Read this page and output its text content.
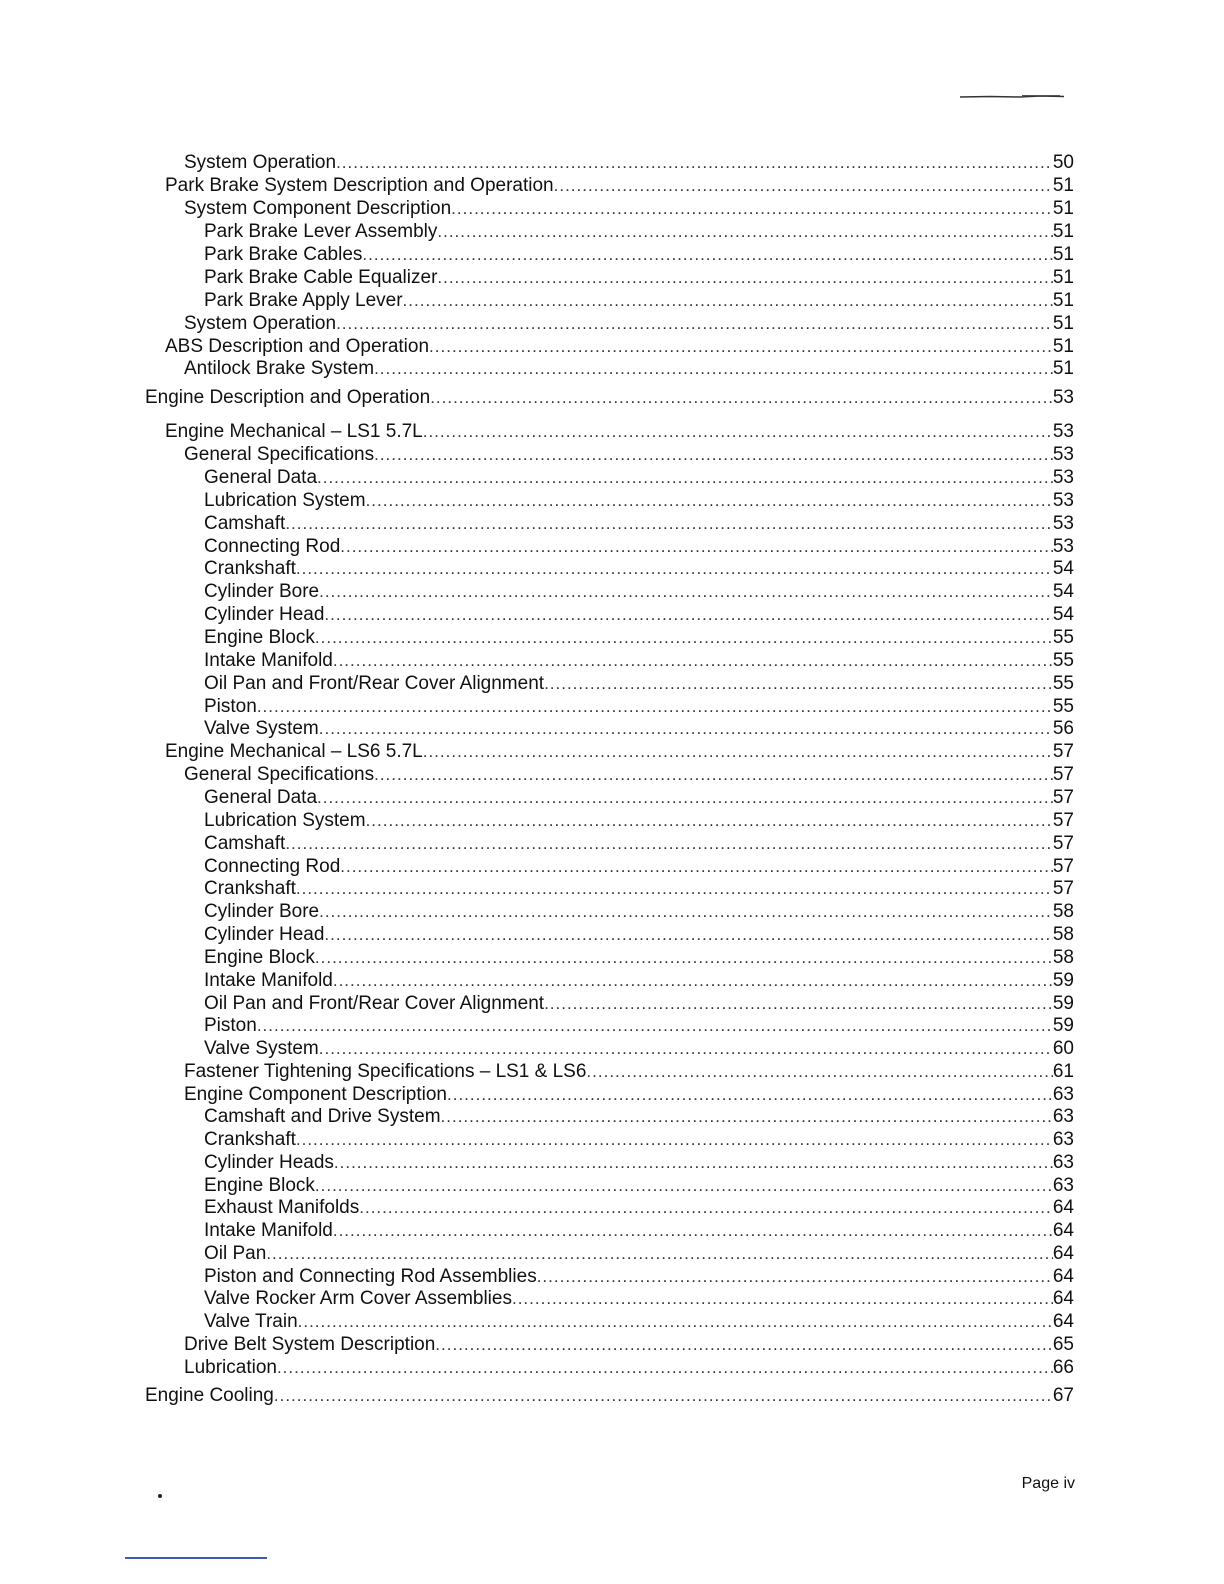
System Operation .....	50
Park Brake System Description and Operation .....	51
System Component Description .....	51
Park Brake Lever Assembly .....	51
Park Brake Cables .....	51
Park Brake Cable Equalizer .....	51
Park Brake Apply Lever .....	51
System Operation .....	51
ABS Description and Operation .....	51
Antilock Brake System .....	51
Engine Description and Operation .....	53
Engine Mechanical – LS1 5.7L .....	53
General Specifications .....	53
General Data .....	53
Lubrication System .....	53
Camshaft .....	53
Connecting Rod .....	53
Crankshaft .....	54
Cylinder Bore .....	54
Cylinder Head .....	54
Engine Block .....	55
Intake Manifold .....	55
Oil Pan and Front/Rear Cover Alignment .....	55
Piston .....	55
Valve System .....	56
Engine Mechanical – LS6 5.7L .....	57
General Specifications .....	57
General Data .....	57
Lubrication System .....	57
Camshaft .....	57
Connecting Rod .....	57
Crankshaft .....	57
Cylinder Bore .....	58
Cylinder Head .....	58
Engine Block .....	58
Intake Manifold .....	59
Oil Pan and Front/Rear Cover Alignment .....	59
Piston .....	59
Valve System .....	60
Fastener Tightening Specifications – LS1 & LS6 .....	61
Engine Component Description .....	63
Camshaft and Drive System .....	63
Crankshaft .....	63
Cylinder Heads .....	63
Engine Block .....	63
Exhaust Manifolds .....	64
Intake Manifold .....	64
Oil Pan .....	64
Piston and Connecting Rod Assemblies .....	64
Valve Rocker Arm Cover Assemblies .....	64
Valve Train .....	64
Drive Belt System Description .....	65
Lubrication .....	66
Engine Cooling .....	67
Page iv
